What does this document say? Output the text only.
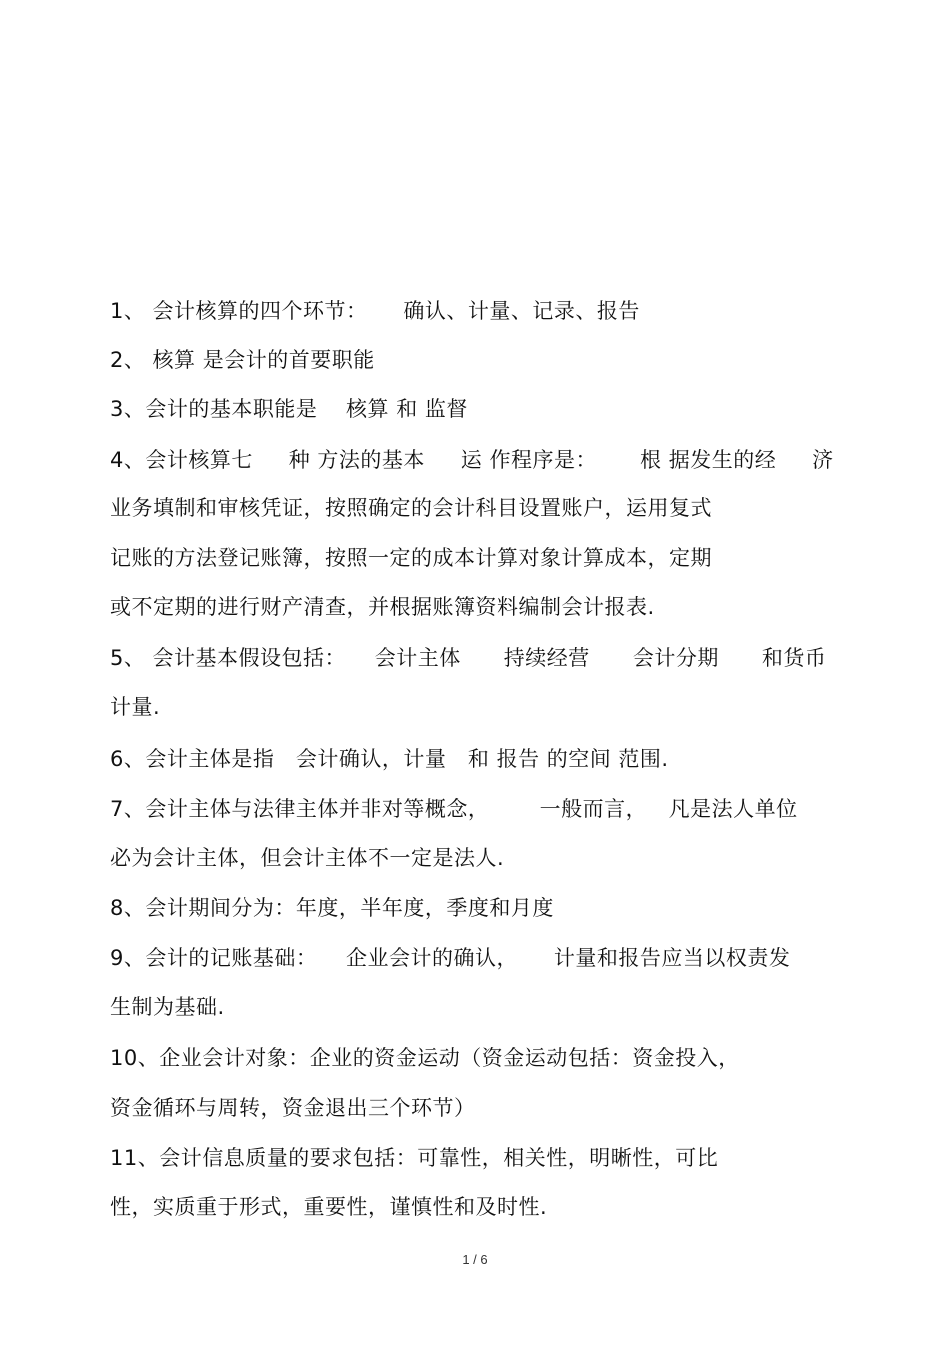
1、 会计核算的四个环节：     确认、计量、记录、报告
2、 核算 是会计的首要职能
3、会计的基本职能是    核算 和 监督
4、会计核算七     种 方法的基本     运 作程序是：      根 据发生的经     济
业务填制和审核凭证，按照确定的会计科目设置账户，运用复式
记账的方法登记账簿，按照一定的成本计算对象计算成本，定期
或不定期的进行财产清查，并根据账簿资料编制会计报表.
5、 会计基本假设包括：    会计主体      持续经营      会计分期      和货币
计量.
6、会计主体是指   会计确认，计量   和 报告 的空间 范围.
7、会计主体与法律主体并非对等概念，       一般而言，   凡是法人单位
必为会计主体，但会计主体不一定是法人.
8、会计期间分为：年度，半年度，季度和月度
9、会计的记账基础：    企业会计的确认，     计量和报告应当以权责发
生制为基础.
10、企业会计对象：企业的资金运动（资金运动包括：资金投入，
资金循环与周转，资金退出三个环节）
11、会计信息质量的要求包括：可靠性，相关性，明晰性，可比
性，实质重于形式，重要性，谨慎性和及时性.
1 / 6
